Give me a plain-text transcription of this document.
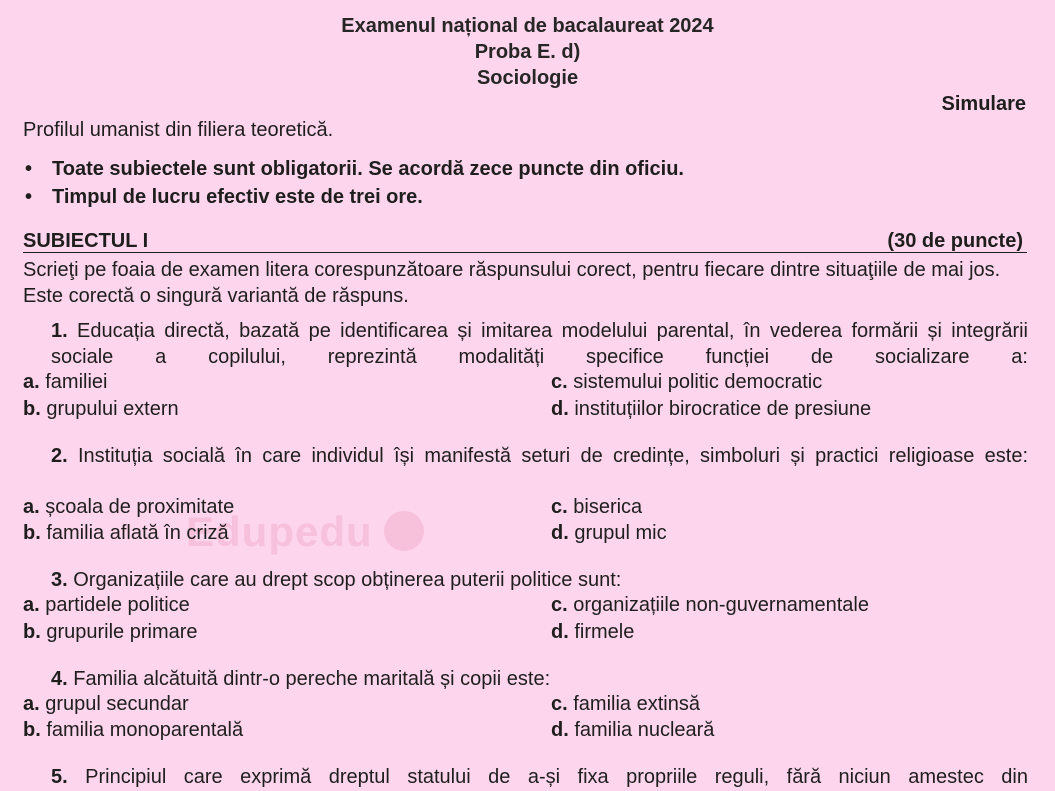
Examenul național de bacalaureat 2024
Proba E. d)
Sociologie
Simulare
Profilul umanist din filiera teoretică.
• Toate subiectele sunt obligatorii. Se acordă zece puncte din oficiu.
• Timpul de lucru efectiv este de trei ore.
SUBIECTUL I	(30 de puncte)
Scrieţi pe foaia de examen litera corespunzătoare răspunsului corect, pentru fiecare dintre situaţiile de mai jos. Este corectă o singură variantă de răspuns.
Edupedu
1. Educația directă, bazată pe identificarea și imitarea modelului parental, în vederea formării și integrării sociale a copilului, reprezintă modalități specifice funcției de socializare a:
a. familiei
b. grupului extern
c. sistemului politic democratic
d. instituțiilor birocratice de presiune
2. Instituția socială în care individul își manifestă seturi de credințe, simboluri și practici religioase este:
a. școala de proximitate
b. familia aflată în criză
c. biserica
d. grupul mic
3. Organizațiile care au drept scop obținerea puterii politice sunt:
a. partidele politice
b. grupurile primare
c. organizațiile non-guvernamentale
d. firmele
4. Familia alcătuită dintr-o pereche maritală și copii este:
a. grupul secundar
b. familia monoparentală
c. familia extinsă
d. familia nucleară
5. Principiul care exprimă dreptul statului de a-și fixa propriile reguli, fără niciun amestec din
